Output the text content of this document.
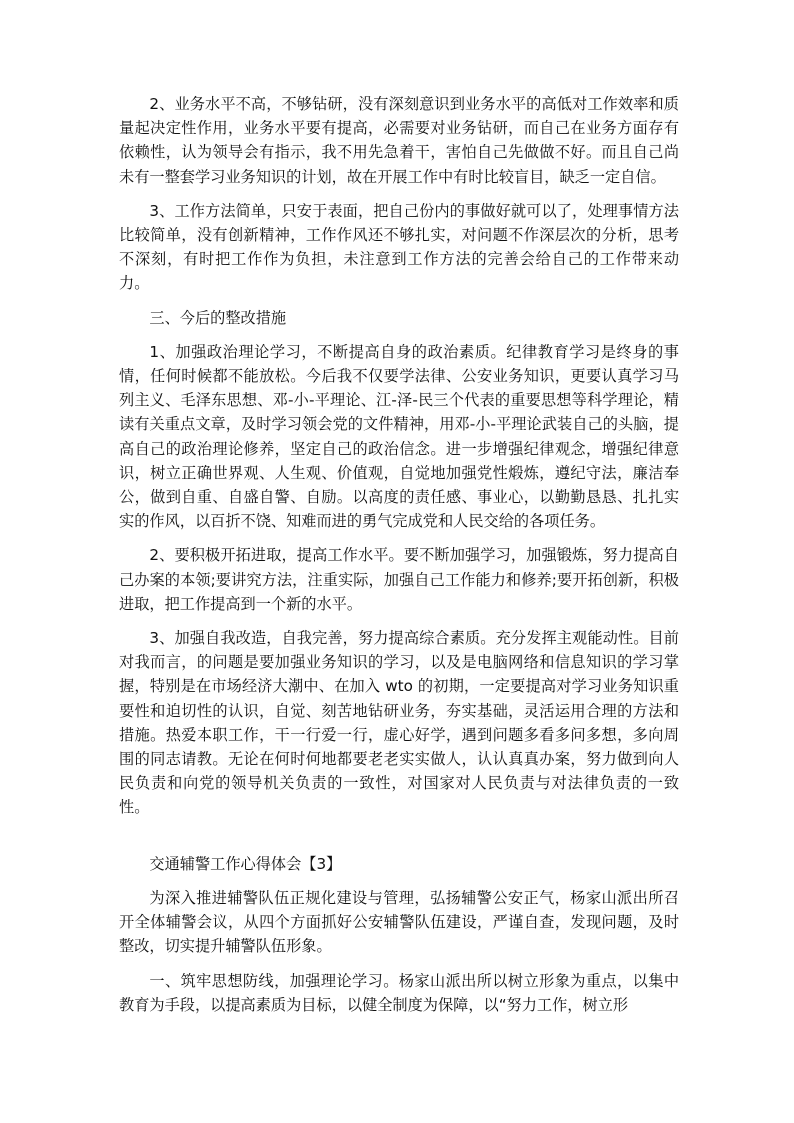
2、业务水平不高，不够钻研，没有深刻意识到业务水平的高低对工作效率和质量起决定性作用，业务水平要有提高，必需要对业务钻研，而自己在业务方面存有依赖性，认为领导会有指示，我不用先急着干，害怕自己先做做不好。而且自己尚未有一整套学习业务知识的计划，故在开展工作中有时比较盲目，缺乏一定自信。

3、工作方法简单，只安于表面，把自己份内的事做好就可以了，处理事情方法比较简单，没有创新精神，工作作风还不够扎实，对问题不作深层次的分析，思考不深刻，有时把工作作为负担，未注意到工作方法的完善会给自己的工作带来动力。

三、今后的整改措施

1、加强政治理论学习，不断提高自身的政治素质。纪律教育学习是终身的事情，任何时候都不能放松。今后我不仅要学法律、公安业务知识，更要认真学习马列主义、毛泽东思想、邓-小-平理论、江-泽-民三个代表的重要思想等科学理论，精读有关重点文章，及时学习领会党的文件精神，用邓-小-平理论武装自己的头脑，提高自己的政治理论修养，坚定自己的政治信念。进一步增强纪律观念，增强纪律意识，树立正确世界观、人生观、价值观，自觉地加强党性煅炼，遵纪守法，廉洁奉公，做到自重、自盛自警、自励。以高度的责任感、事业心，以勤勤恳恳、扎扎实实的作风，以百折不饶、知难而进的勇气完成党和人民交给的各项任务。

2、要积极开拓进取，提高工作水平。要不断加强学习，加强锻炼，努力提高自己办案的本领;要讲究方法，注重实际，加强自己工作能力和修养;要开拓创新，积极进取，把工作提高到一个新的水平。

3、加强自我改造，自我完善，努力提高综合素质。充分发挥主观能动性。目前对我而言，的问题是要加强业务知识的学习，以及是电脑网络和信息知识的学习掌握，特别是在市场经济大潮中、在加入 wto 的初期，一定要提高对学习业务知识重要性和迫切性的认识，自觉、刻苦地钻研业务，夯实基础，灵活运用合理的方法和措施。热爱本职工作，干一行爱一行，虚心好学，遇到问题多看多问多想，多向周围的同志请教。无论在何时何地都要老老实实做人，认认真真办案，努力做到向人民负责和向党的领导机关负责的一致性，对国家对人民负责与对法律负责的一致性。

交通辅警工作心得体会【3】

为深入推进辅警队伍正规化建设与管理，弘扬辅警公安正气，杨家山派出所召开全体辅警会议，从四个方面抓好公安辅警队伍建设，严谨自查，发现问题，及时整改，切实提升辅警队伍形象。

一、筑牢思想防线，加强理论学习。杨家山派出所以树立形象为重点，以集中教育为手段，以提高素质为目标，以健全制度为保障，以“努力工作，树立形
